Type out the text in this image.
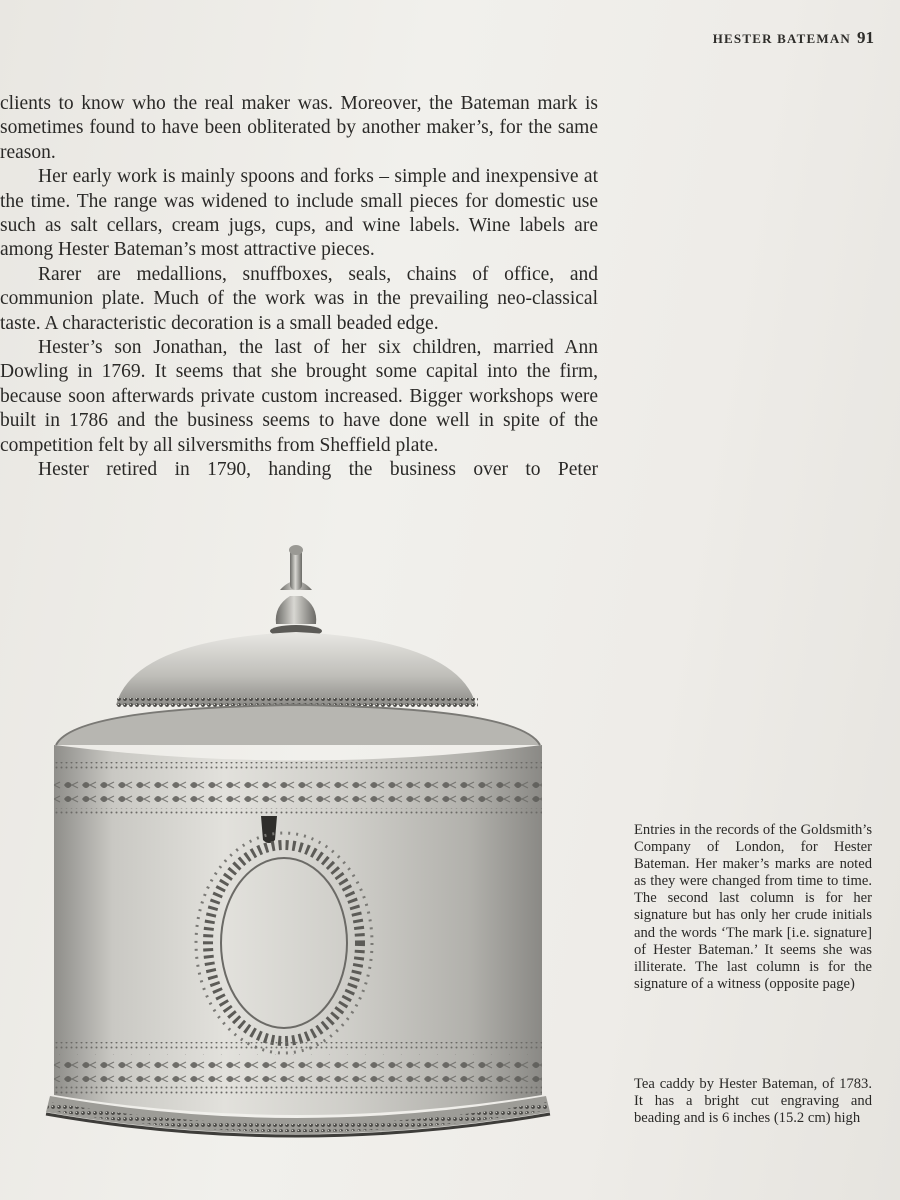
HESTER BATEMAN 91

clients to know who the real maker was. Moreover, the Bateman mark is sometimes found to have been obliterated by another maker’s, for the same reason.

Her early work is mainly spoons and forks – simple and inexpensive at the time. The range was widened to include small pieces for domestic use such as salt cellars, cream jugs, cups, and wine labels. Wine labels are among Hester Bateman’s most attractive pieces.

Rarer are medallions, snuffboxes, seals, chains of office, and communion plate. Much of the work was in the prevailing neo-classical taste. A characteristic decoration is a small beaded edge.

Hester’s son Jonathan, the last of her six children, married Ann Dowling in 1769. It seems that she brought some capital into the firm, because soon afterwards private custom increased. Bigger workshops were built in 1786 and the business seems to have done well in spite of the competition felt by all silversmiths from Sheffield plate.

Hester retired in 1790, handing the business over to Peter

Entries in the records of the Goldsmith’s Company of London, for Hester Bateman. Her maker’s marks are noted as they were changed from time to time. The second last column is for her signature but has only her crude initials and the words ‘The mark [i.e. signature] of Hester Bateman.’ It seems she was illiterate. The last column is for the signature of a witness (opposite page)
Tea caddy by Hester Bateman, of 1783. It has a bright cut engraving and beading and is 6 inches (15.2 cm) high
